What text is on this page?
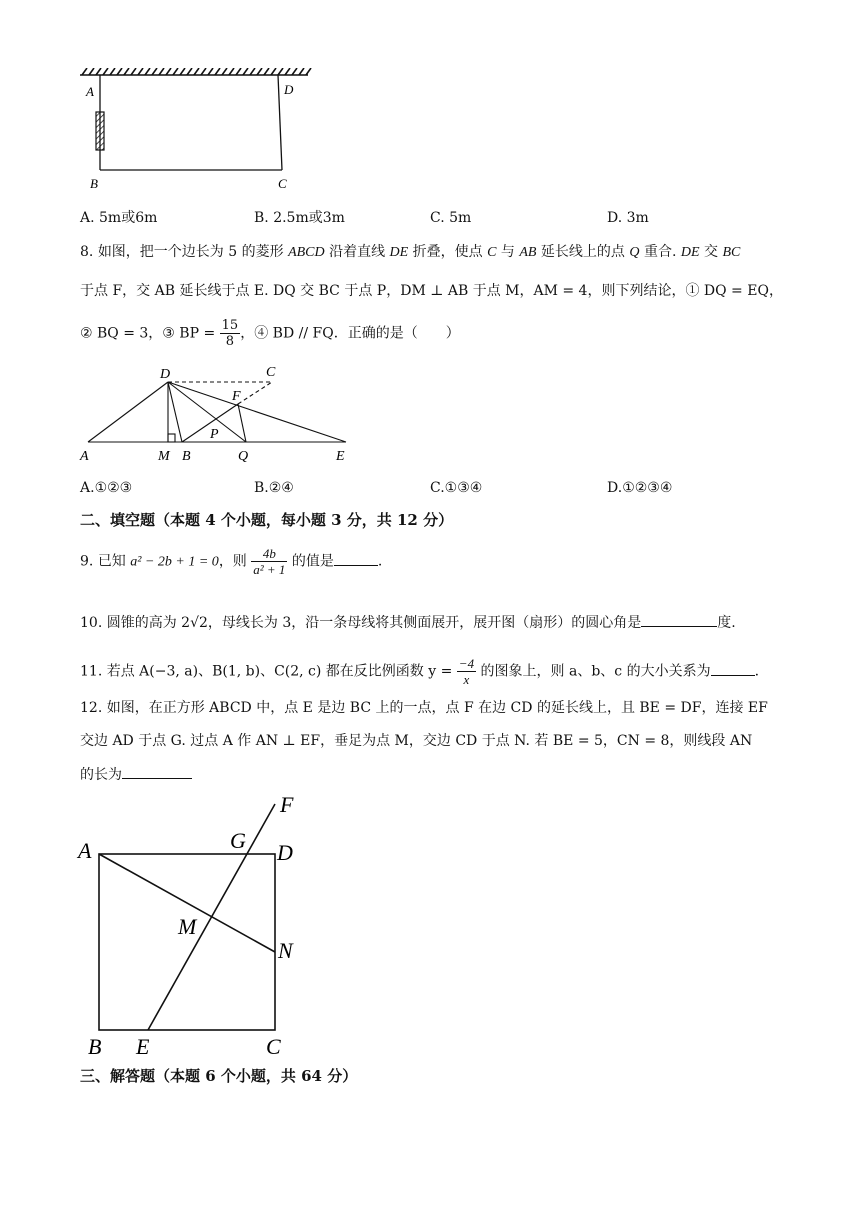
A	D
B	C
A. 5m或6m	B. 2.5m或3m	C. 5m	D. 3m
8. 如图，把一个边长为 5 的菱形 ABCD 沿着直线 DE 折叠，使点 C 与 AB 延长线上的点 Q 重合. DE 交 BC
于点 F，交 AB 延长线于点 E. DQ 交 BC 于点 P，DM ⊥ AB 于点 M，AM = 4，则下列结论，① DQ = EQ，
② BQ = 3，③ BP = $\frac{15}{8}$ ，④ BD // FQ．正确的是（　　）
D	C
F
P
A	M B	Q	E
A.①②③	B.②④	C.①③④	D.①②③④
二、填空题（本题 4 个小题，每小题 3 分，共 12 分）
9. 已知 a² − 2b + 1 = 0，则 $\frac{4b}{\text{a² + 1}}$ 的值是	.
10. 圆锥的高为 2√2，母线长为 3，沿一条母线将其侧面展开，展开图（扇形）的圆心角是	度.
11. 若点 A(−3, a)、B(1, b)、C(2, c) 都在反比例函数 $y = \frac{-4}{x}$ 的图象上，则 a、b、c 的大小关系为	.
12. 如图，在正方形 ABCD 中，点 E 是边 BC 上的一点，点 F 在边 CD 的延长线上，且 BE = DF，连接 EF
交边 AD 于点 G. 过点 A 作 AN ⊥ EF，垂足为点 M，交边 CD 于点 N. 若 BE = 5，CN = 8，则线段 AN
的长为
A	G D
F
M
N
B E	C
三、解答题（本题 6 个小题，共 64 分）
